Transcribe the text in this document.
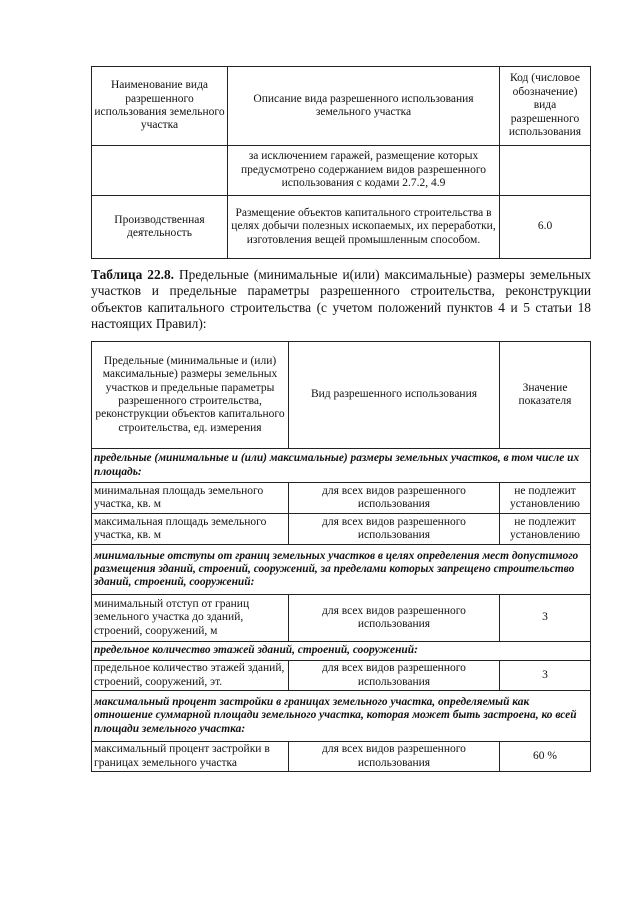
Наименование вида разрешенного использования земельного участка	Описание вида разрешенного использования земельного участка	Код (числовое обозначение) вида разрешенного использования
	за исключением гаражей, размещение которых предусмотрено содержанием видов разрешенного использования с кодами 2.7.2, 4.9	
Производственная деятельность	Размещение объектов капитального строительства в целях добычи полезных ископаемых, их переработки, изготовления вещей промышленным способом.	6.0

Таблица 22.8. Предельные (минимальные и(или) максимальные) размеры земельных участков и предельные параметры разрешенного строительства, реконструкции объектов капитального строительства (с учетом положений пунктов 4 и 5 статьи 18 настоящих Правил):

Предельные (минимальные и (или) максимальные) размеры земельных участков и предельные параметры разрешенного строительства, реконструкции объектов капитального строительства, ед. измерения	Вид разрешенного использования	Значение показателя
предельные (минимальные и (или) максимальные) размеры земельных участков, в том числе их площадь:		
минимальная площадь земельного участка, кв. м	для всех видов разрешенного использования	не подлежит установлению
максимальная площадь земельного участка, кв. м	для всех видов разрешенного использования	не подлежит установлению
минимальные отступы от границ земельных участков в целях определения мест допустимого размещения зданий, строений, сооружений, за пределами которых запрещено строительство зданий, строений, сооружений:		
минимальный отступ от границ земельного участка до зданий, строений, сооружений, м	для всех видов разрешенного использования	3
предельное количество этажей зданий, строений, сооружений:		
предельное количество этажей зданий, строений, сооружений, эт.	для всех видов разрешенного использования	3
максимальный процент застройки в границах земельного участка, определяемый как отношение суммарной площади земельного участка, которая может быть застроена, ко всей площади земельного участка:		
максимальный процент застройки в границах земельного участка	для всех видов разрешенного использования	60 %
